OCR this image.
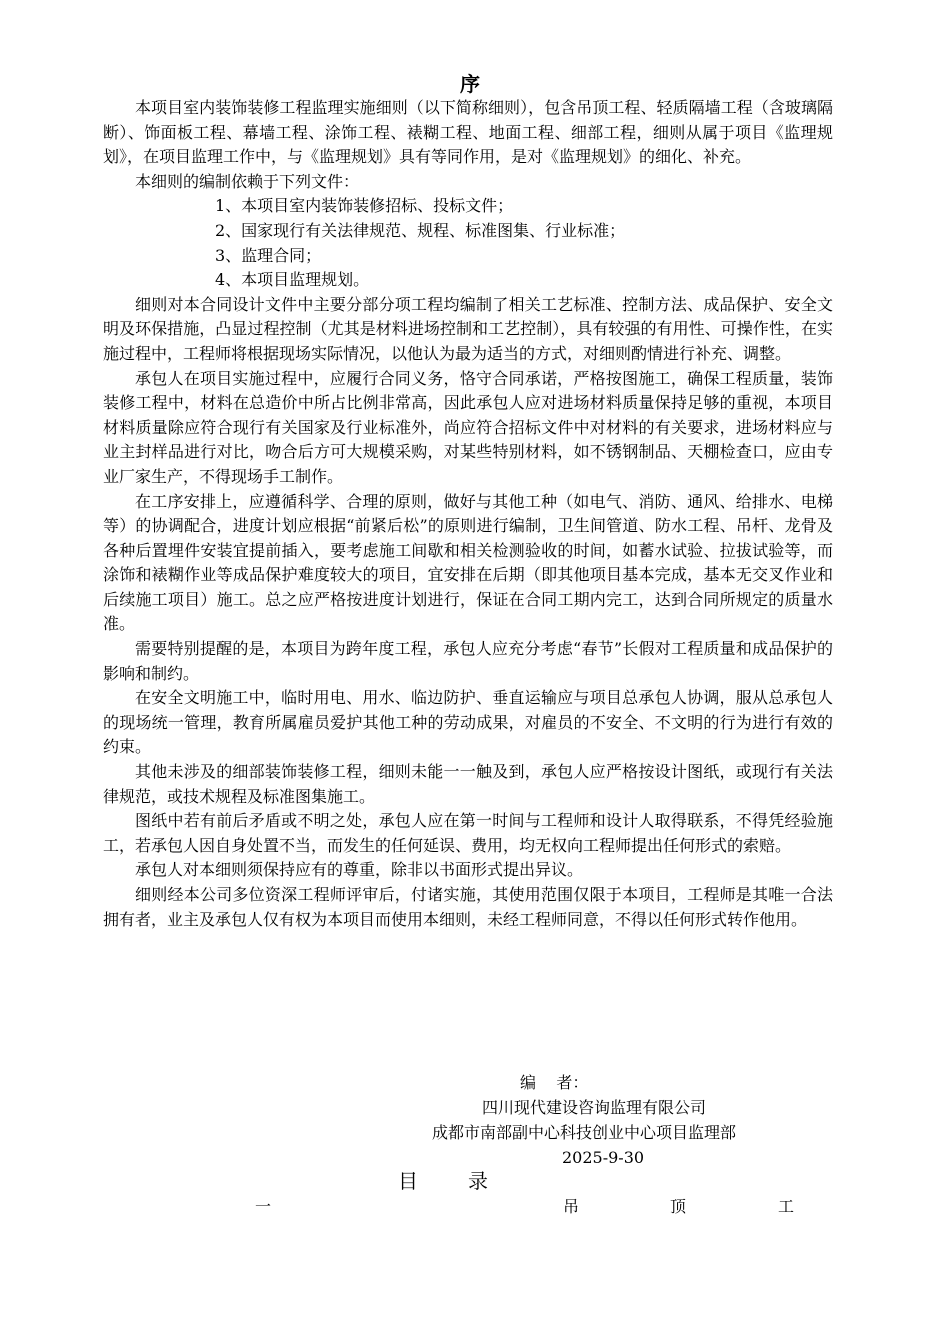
序

本项目室内装饰装修工程监理实施细则（以下简称细则），包含吊顶工程、轻质隔墙工程（含玻璃隔断）、饰面板工程、幕墙工程、涂饰工程、裱糊工程、地面工程、细部工程，细则从属于项目《监理规划》，在项目监理工作中，与《监理规划》具有等同作用，是对《监理规划》的细化、补充。

本细则的编制依赖于下列文件：

1、本项目室内装饰装修招标、投标文件；

2、国家现行有关法律规范、规程、标准图集、行业标准；

3、监理合同；

4、本项目监理规划。

细则对本合同设计文件中主要分部分项工程均编制了相关工艺标准、控制方法、成品保护、安全文明及环保措施，凸显过程控制（尤其是材料进场控制和工艺控制），具有较强的有用性、可操作性，在实施过程中，工程师将根据现场实际情况，以他认为最为适当的方式，对细则酌情进行补充、调整。

承包人在项目实施过程中，应履行合同义务，恪守合同承诺，严格按图施工，确保工程质量，装饰装修工程中，材料在总造价中所占比例非常高，因此承包人应对进场材料质量保持足够的重视，本项目材料质量除应符合现行有关国家及行业标准外，尚应符合招标文件中对材料的有关要求，进场材料应与业主封样品进行对比，吻合后方可大规模采购，对某些特别材料，如不锈钢制品、天棚检查口，应由专业厂家生产，不得现场手工制作。

在工序安排上，应遵循科学、合理的原则，做好与其他工种（如电气、消防、通风、给排水、电梯等）的协调配合，进度计划应根据“前紧后松”的原则进行编制，卫生间管道、防水工程、吊杆、龙骨及各种后置埋件安装宜提前插入，要考虑施工间歇和相关检测验收的时间，如蓄水试验、拉拔试验等，而涂饰和裱糊作业等成品保护难度较大的项目，宜安排在后期（即其他项目基本完成，基本无交叉作业和后续施工项目）施工。总之应严格按进度计划进行，保证在合同工期内完工，达到合同所规定的质量水准。

需要特别提醒的是，本项目为跨年度工程，承包人应充分考虑“春节”长假对工程质量和成品保护的影响和制约。

在安全文明施工中，临时用电、用水、临边防护、垂直运输应与项目总承包人协调，服从总承包人的现场统一管理，教育所属雇员爱护其他工种的劳动成果，对雇员的不安全、不文明的行为进行有效的约束。

其他未涉及的细部装饰装修工程，细则未能一一触及到，承包人应严格按设计图纸，或现行有关法律规范，或技术规程及标准图集施工。

图纸中若有前后矛盾或不明之处，承包人应在第一时间与工程师和设计人取得联系，不得凭经验施工，若承包人因自身处置不当，而发生的任何延误、费用，均无权向工程师提出任何形式的索赔。

承包人对本细则须保持应有的尊重，除非以书面形式提出异议。

细则经本公司多位资深工程师评审后，付诸实施，其使用范围仅限于本项目，工程师是其唯一合法拥有者，业主及承包人仅有权为本项目而使用本细则，未经工程师同意，不得以任何形式转作他用。

编    者：
四川现代建设咨询监理有限公司
成都市南部副中心科技创业中心项目监理部
2025-9-30
目	录
一	吊	顶	工
